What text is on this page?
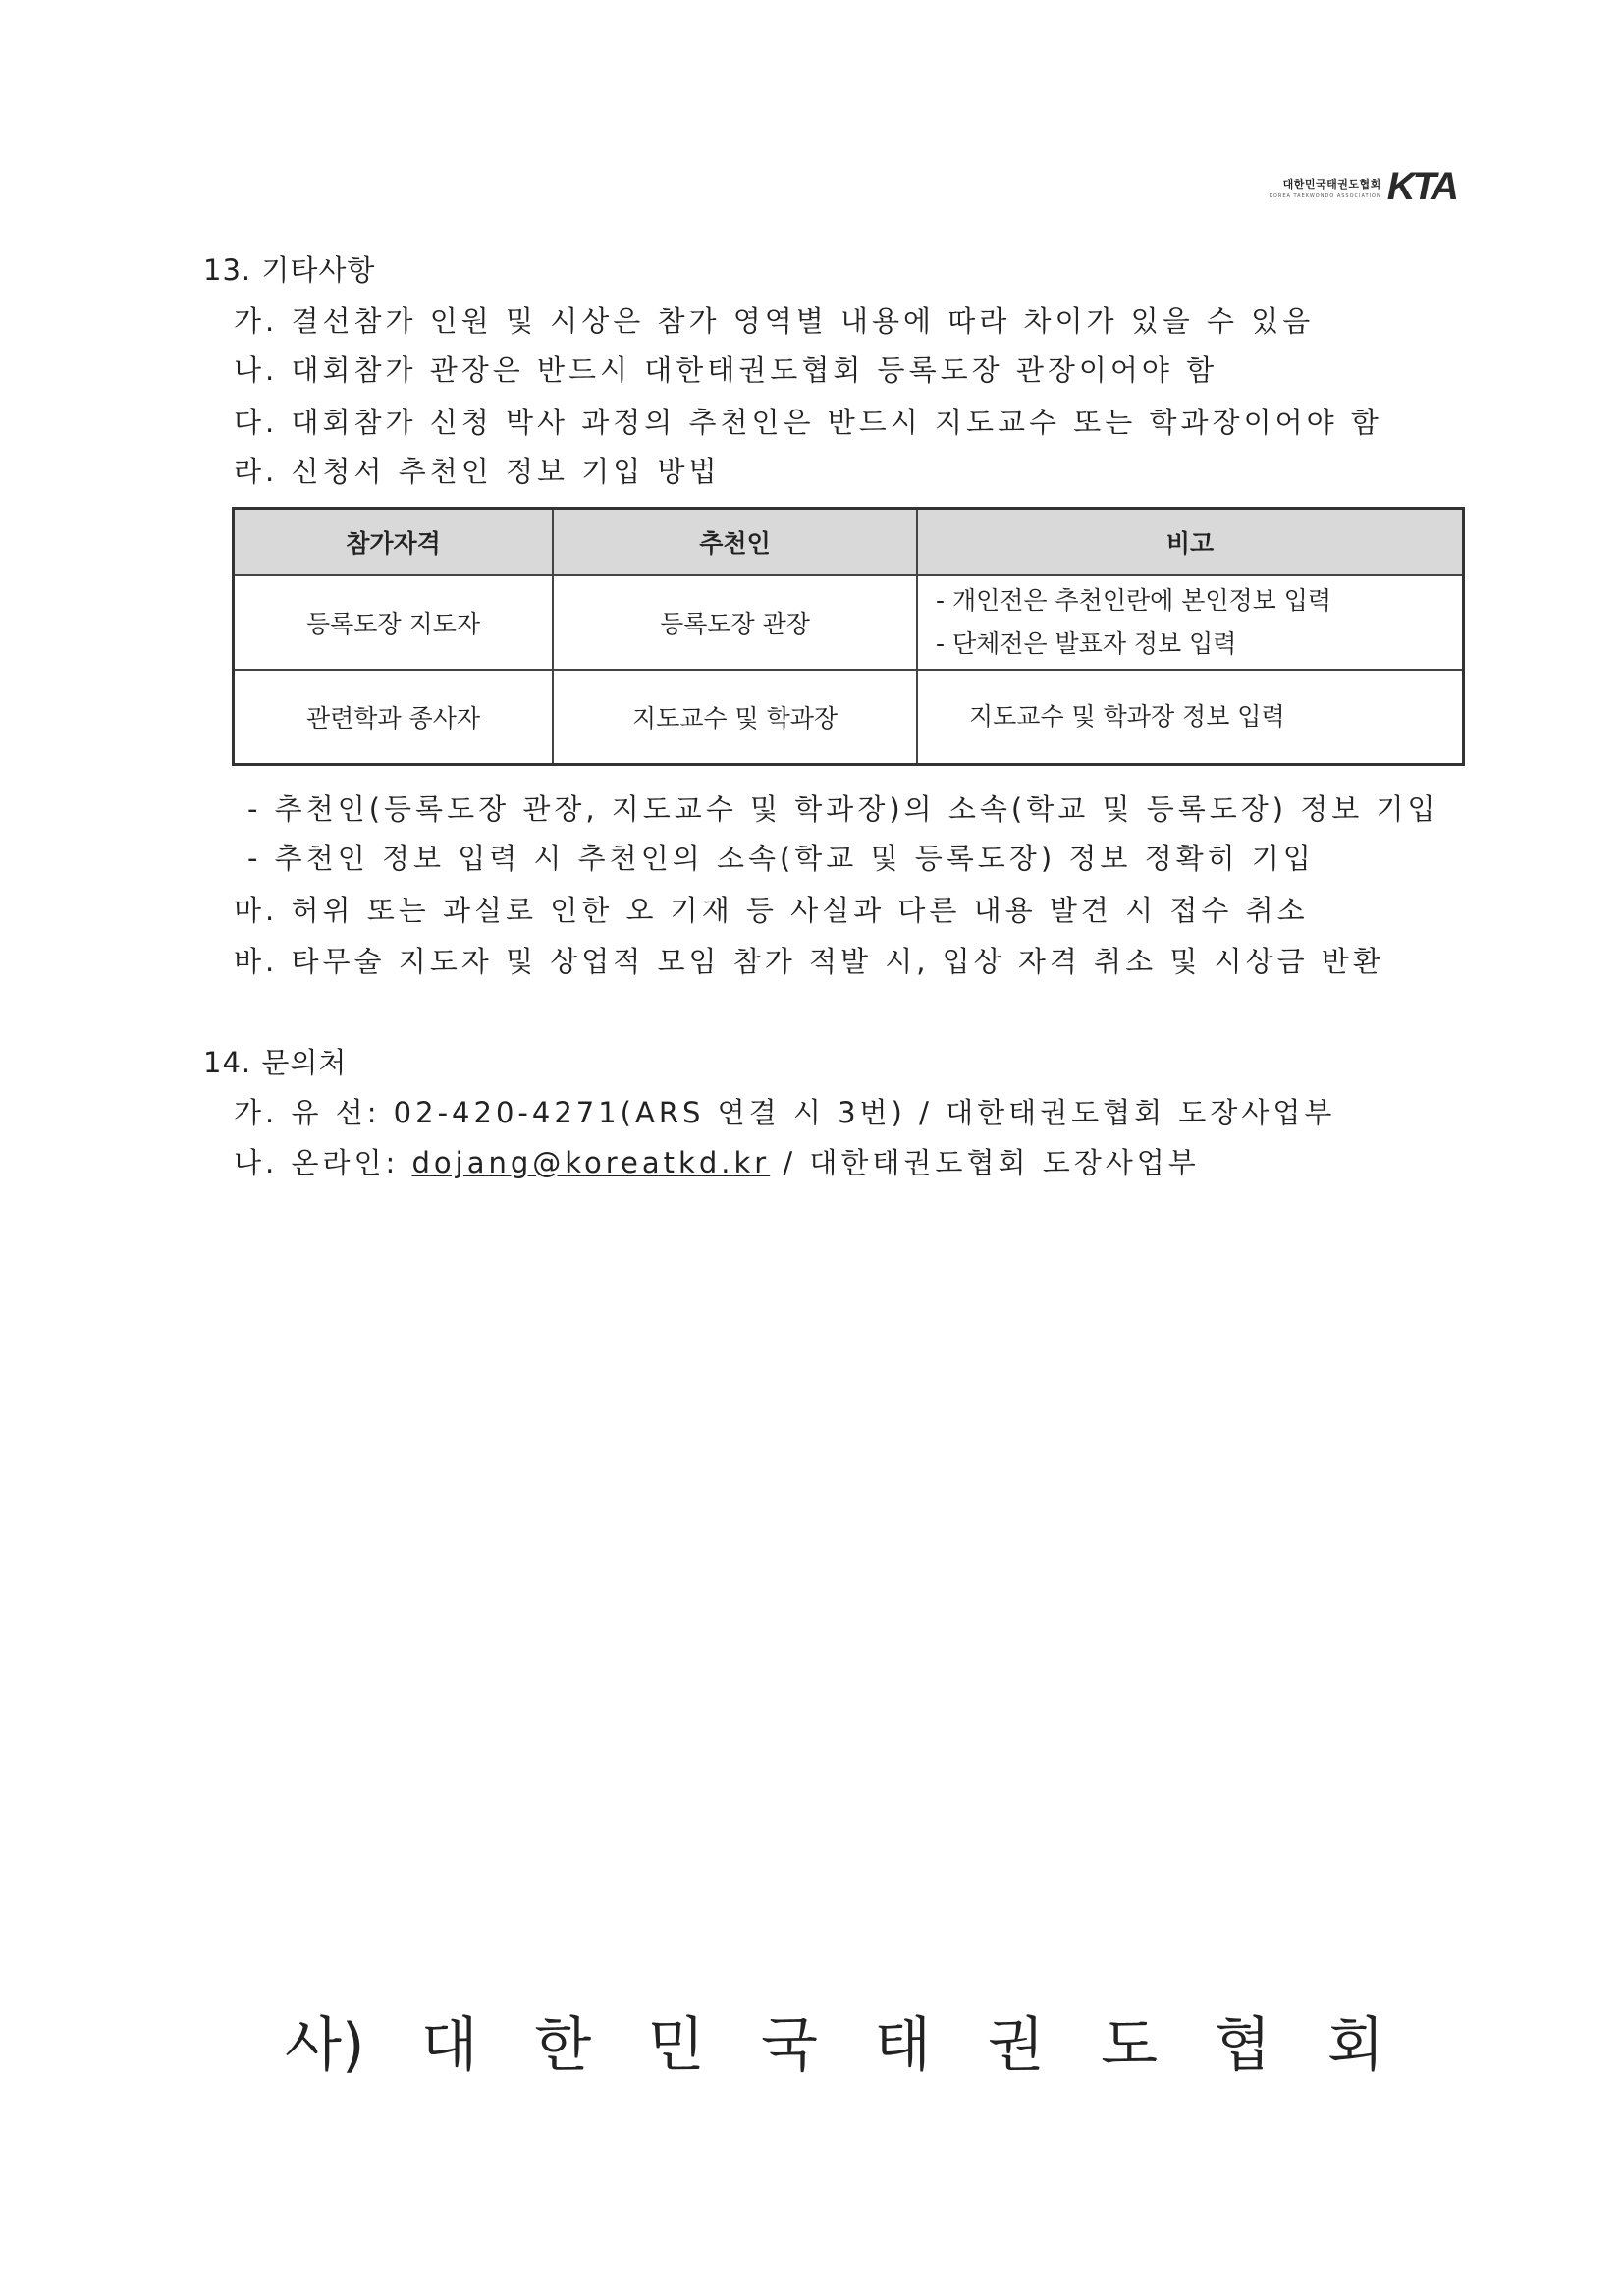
대한민국태권도협회
KOREA TAEKWONDO ASSOCIATION KTA
13. 기타사항
가. 결선참가 인원 및 시상은 참가 영역별 내용에 따라 차이가 있을 수 있음
나. 대회참가 관장은 반드시 대한태권도협회 등록도장 관장이어야 함
다. 대회참가 신청 박사 과정의 추천인은 반드시 지도교수 또는 학과장이어야 함
라. 신청서 추천인 정보 기입 방법
참가자격	추천인	비고
등록도장 지도자	등록도장 관장	- 개인전은 추천인란에 본인정보 입력
- 단체전은 발표자 정보 입력

관련학과 종사자	지도교수 및 학과장	지도교수 및 학과장 정보 입력
- 추천인(등록도장 관장, 지도교수 및 학과장)의 소속(학교 및 등록도장) 정보 기입
- 추천인 정보 입력 시 추천인의 소속(학교 및 등록도장) 정보 정확히 기입
마. 허위 또는 과실로 인한 오 기재 등 사실과 다른 내용 발견 시 접수 취소
바. 타무술 지도자 및 상업적 모임 참가 적발 시, 입상 자격 취소 및 시상금 반환
14. 문의처
가. 유 선: 02-420-4271(ARS 연결 시 3번) / 대한태권도협회 도장사업부
나. 온라인: dojang@koreatkd.kr / 대한태권도협회 도장사업부
사) 대 한 민 국 태 권 도 협 회
